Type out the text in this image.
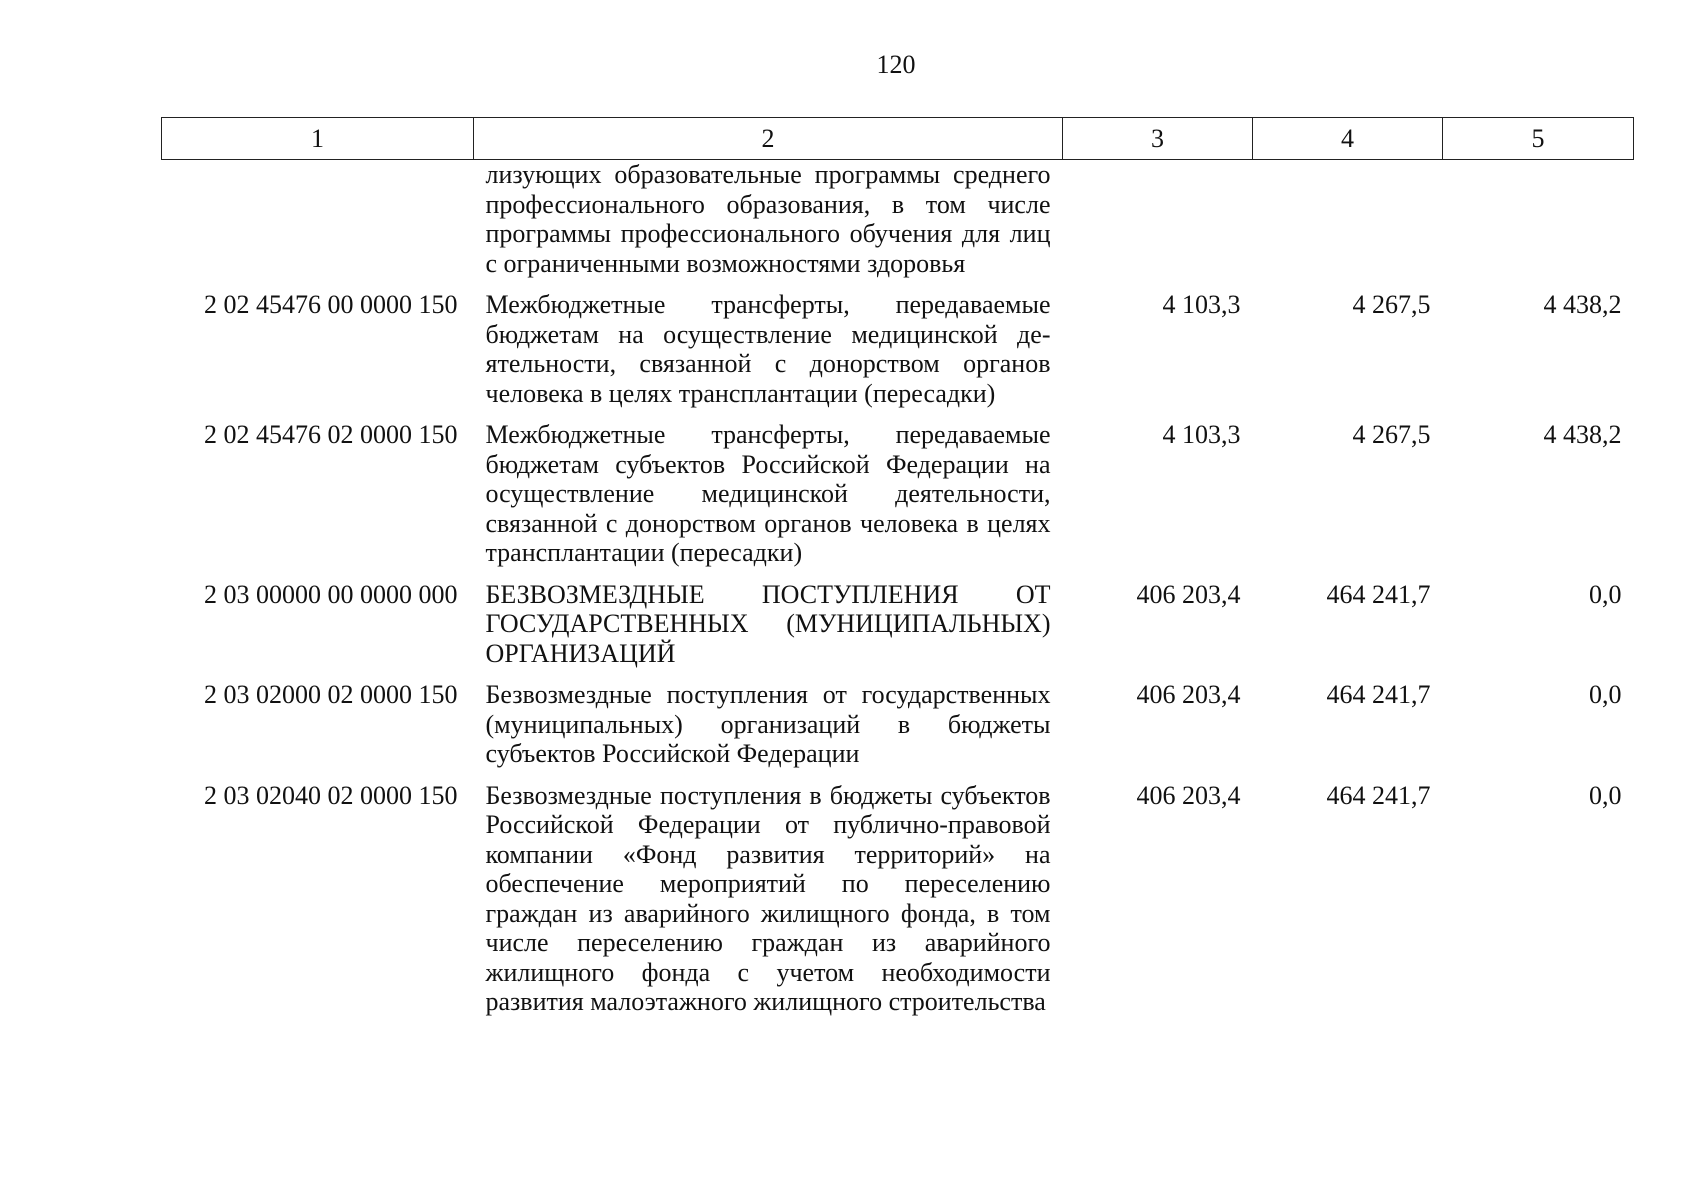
120
1	2	3	4	5
	лизующих образовательные программы среднего профессионального образования, в том числе программы профессионального обучения для лиц с ограниченными возможностями здоровья			
2 02 45476 00 0000 150	Межбюджетные трансферты, передаваемые бюджетам на осуществление медицинской деятельности, связанной с донорством органов человека в целях трансплантации (пересадки)	4 103,3	4 267,5	4 438,2
2 02 45476 02 0000 150	Межбюджетные трансферты, передаваемые бюджетам субъектов Российской Федерации на осуществление медицинской деятельности, связанной с донорством органов человека в целях трансплантации (пересадки)	4 103,3	4 267,5	4 438,2
2 03 00000 00 0000 000	БЕЗВОЗМЕЗДНЫЕ ПОСТУПЛЕНИЯ ОТ ГОСУДАРСТВЕННЫХ (МУНИЦИПАЛЬНЫХ) ОРГАНИЗАЦИЙ	406 203,4	464 241,7	0,0
2 03 02000 02 0000 150	Безвозмездные поступления от государственных (муниципальных) организаций в бюджеты субъектов Российской Федерации	406 203,4	464 241,7	0,0
2 03 02040 02 0000 150	Безвозмездные поступления в бюджеты субъектов Российской Федерации от публично-правовой компании «Фонд развития территорий» на обеспечение мероприятий по переселению граждан из аварийного жилищного фонда, в том числе переселению граждан из аварийного жилищного фонда с учетом необходимости развития малоэтажного жилищного строительства	406 203,4	464 241,7	0,0
